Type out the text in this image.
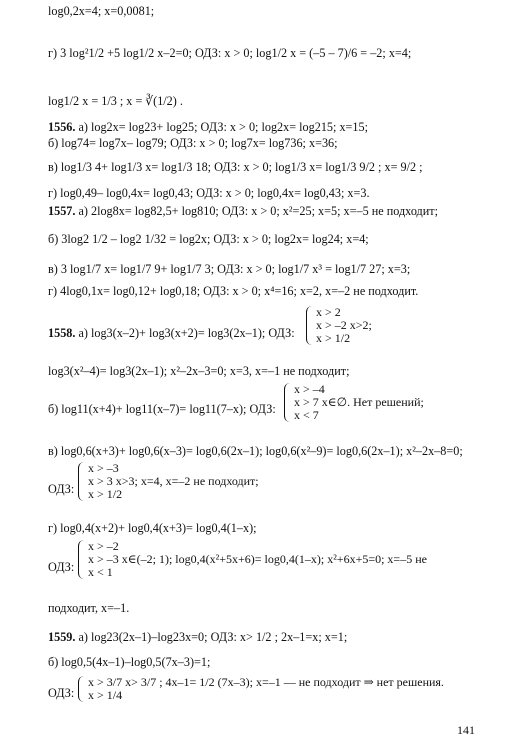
log0,2x=4; x=0,0081;
г) 3 log²1/2 +5 log1/2 x–2=0; ОДЗ: x > 0; log1/2 x = (–5 – 7)/6 = –2; x=4;
log1/2 x = 1/3 ; x = ∛(1/2) .
1556. а) log2x= log23+ log25; ОДЗ: x > 0; log2x= log215; x=15;
б) log74= log7x– log79; ОДЗ: x > 0; log7x= log736; x=36;
в) log1/3 4+ log1/3 x= log1/3 18; ОДЗ: x > 0; log1/3 x= log1/3 9/2 ; x= 9/2 ;
г) log0,49– log0,4x= log0,43; ОДЗ: x > 0; log0,4x= log0,43; x=3.
1557. а) 2log8x= log82,5+ log810; ОДЗ: x > 0; x²=25; x=5; x=–5 не подходит;
б) 3log2 1/2 – log2 1/32 = log2x; ОДЗ: x > 0; log2x= log24; x=4;
в) 3 log1/7 x= log1/7 9+ log1/7 3; ОДЗ: x > 0; log1/7 x³ = log1/7 27; x=3;
г) 4log0,1x= log0,12+ log0,18; ОДЗ: x > 0; x⁴=16; x=2, x=–2 не подходит.
1558. а) log3(x–2)+ log3(x+2)= log3(2x–1); ОДЗ:
log3(x²–4)= log3(2x–1); x²–2x–3=0; x=3, x=–1 не подходит;
б) log11(x+4)+ log11(x–7)= log11(7–x); ОДЗ:
в) log0,6(x+3)+ log0,6(x–3)= log0,6(2x–1); log0,6(x²–9)= log0,6(2x–1); x²–2x–8=0;
ОДЗ:
г) log0,4(x+2)+ log0,4(x+3)= log0,4(1–x);
ОДЗ:
подходит, x=–1.
1559. а) log23(2x–1)–log23x=0; ОДЗ: x> 1/2 ; 2x–1=x; x=1;
б) log0,5(4x–1)–log0,5(7x–3)=1;
ОДЗ:
x > 2
x > –2 x>2;
x > 1/2
x > –4
x > 7 x∈∅. Нет решений;
x < 7
x > –3
x > 3 x>3; x=4, x=–2 не подходит;
x > 1/2
x > –2
x > –3 x∈(–2; 1); log0,4(x²+5x+6)= log0,4(1–x); x²+6x+5=0; x=–5 не
x < 1
x > 3/7 x> 3/7 ; 4x–1= 1/2 (7x–3); x=–1 — не подходит ⇒ нет решения.
x > 1/4
141
